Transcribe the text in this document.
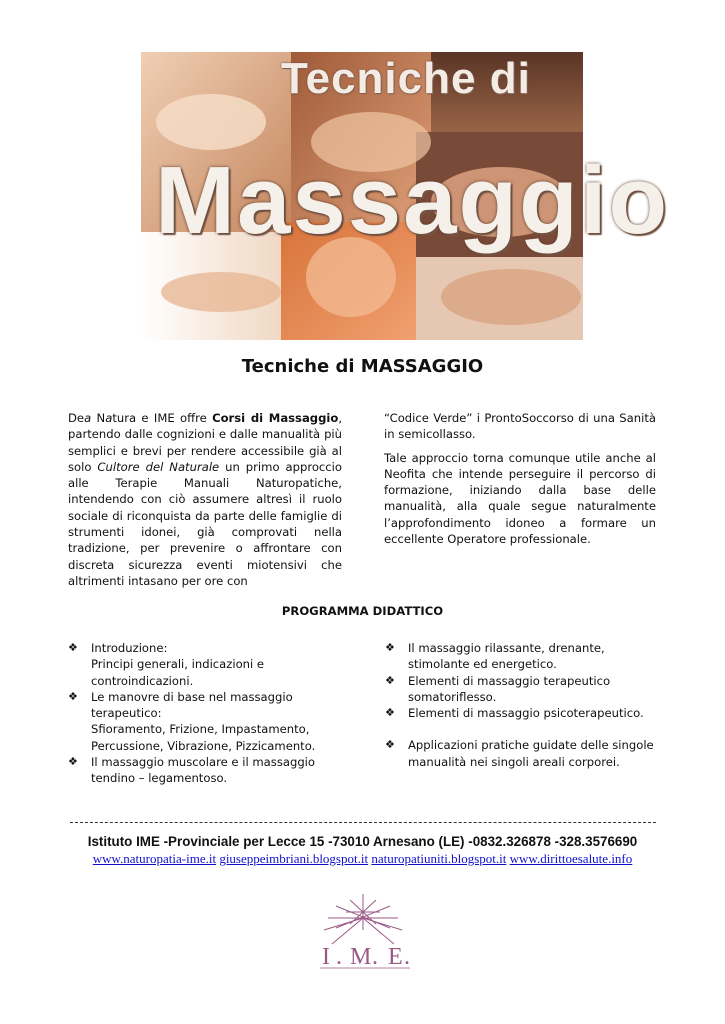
Tecniche di
Massaggio
Tecniche di MASSAGGIO

Dea Natura e IME offre Corsi di Massaggio, partendo dalle cognizioni e dalle manualità più semplici e brevi per rendere accessibile già al solo Cultore del Naturale un primo approccio alle Terapie Manuali Naturopatiche, intendendo con ciò assumere altresì il ruolo sociale di riconquista da parte delle famiglie di strumenti idonei, già comprovati nella tradizione, per prevenire o affrontare con discreta sicurezza eventi miotensivi che altrimenti intasano per ore con

“Codice Verde” i ProntoSoccorso di una Sanità in semicollasso.

Tale approccio torna comunque utile anche al Neofita che intende perseguire il percorso di formazione, iniziando dalla base delle manualità, alla quale segue naturalmente l’approfondimento idoneo a formare un eccellente Operatore professionale.

PROGRAMMA DIDATTICO
❖ Introduzione:
Principi generali, indicazioni e controindicazioni.
❖ Le manovre di base nel massaggio terapeutico:
Sfioramento, Frizione, Impastamento, Percussione, Vibrazione, Pizzicamento.
❖ Il massaggio muscolare e il massaggio tendino – legamentoso.
❖ Il massaggio rilassante, drenante, stimolante ed energetico.
❖ Elementi di massaggio terapeutico somatoriflesso.
❖ Elementi di massaggio psicoterapeutico.
❖ Applicazioni pratiche guidate delle singole manualità nei singoli areali corporei.
Istituto IME -Provinciale per Lecce 15 -73010 Arnesano (LE) -0832.326878 -328.3576690
www.naturopatia-ime.it giuseppeimbriani.blogspot.it naturopatiuniti.blogspot.it www.dirittoesalute.info
I . M . E .
